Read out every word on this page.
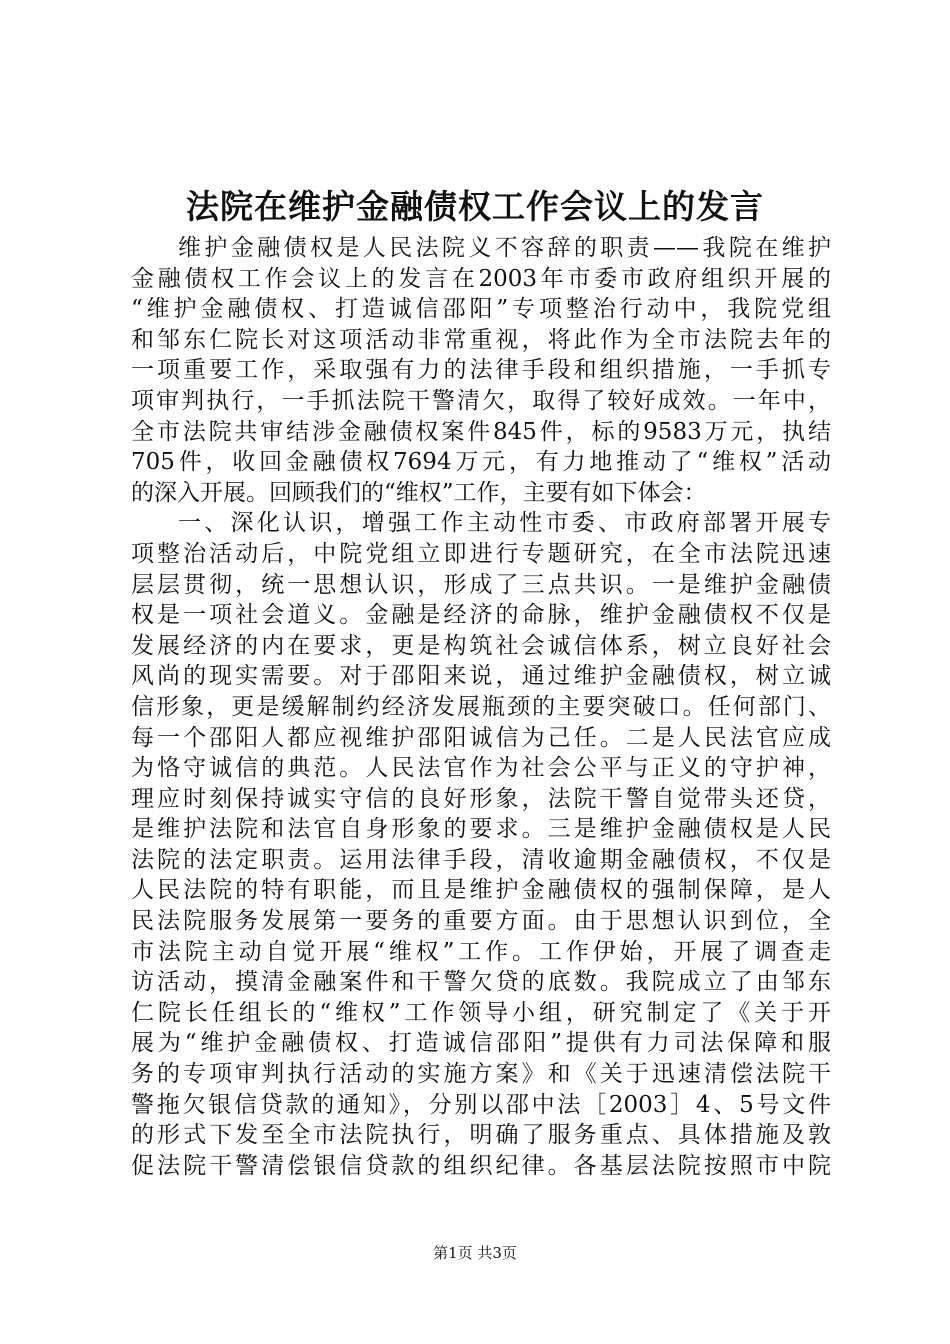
法院在维护金融债权工作会议上的发言
维护金融债权是人民法院义不容辞的职责——我院在维护
金融债权工作会议上的发言在2003年市委市政府组织开展的
“维护金融债权、打造诚信邵阳”专项整治行动中，我院党组
和邹东仁院长对这项活动非常重视，将此作为全市法院去年的
一项重要工作，采取强有力的法律手段和组织措施，一手抓专
项审判执行，一手抓法院干警清欠，取得了较好成效。一年中，
全市法院共审结涉金融债权案件845件，标的9583万元，执结
705件，收回金融债权7694万元，有力地推动了“维权”活动
的深入开展。回顾我们的“维权”工作，主要有如下体会：
一、深化认识，增强工作主动性市委、市政府部署开展专
项整治活动后，中院党组立即进行专题研究，在全市法院迅速
层层贯彻，统一思想认识，形成了三点共识。一是维护金融债
权是一项社会道义。金融是经济的命脉，维护金融债权不仅是
发展经济的内在要求，更是构筑社会诚信体系，树立良好社会
风尚的现实需要。对于邵阳来说，通过维护金融债权，树立诚
信形象，更是缓解制约经济发展瓶颈的主要突破口。任何部门、
每一个邵阳人都应视维护邵阳诚信为己任。二是人民法官应成
为恪守诚信的典范。人民法官作为社会公平与正义的守护神，
理应时刻保持诚实守信的良好形象，法院干警自觉带头还贷，
是维护法院和法官自身形象的要求。三是维护金融债权是人民
法院的法定职责。运用法律手段，清收逾期金融债权，不仅是
人民法院的特有职能，而且是维护金融债权的强制保障，是人
民法院服务发展第一要务的重要方面。由于思想认识到位，全
市法院主动自觉开展“维权”工作。工作伊始，开展了调查走
访活动，摸清金融案件和干警欠贷的底数。我院成立了由邹东
仁院长任组长的“维权”工作领导小组，研究制定了《关于开
展为“维护金融债权、打造诚信邵阳”提供有力司法保障和服
务的专项审判执行活动的实施方案》和《关于迅速清偿法院干
警拖欠银信贷款的通知》，分别以邵中法［2003］4、5号文件
的形式下发至全市法院执行，明确了服务重点、具体措施及敦
促法院干警清偿银信贷款的组织纪律。各基层法院按照市中院
第1页 共3页
